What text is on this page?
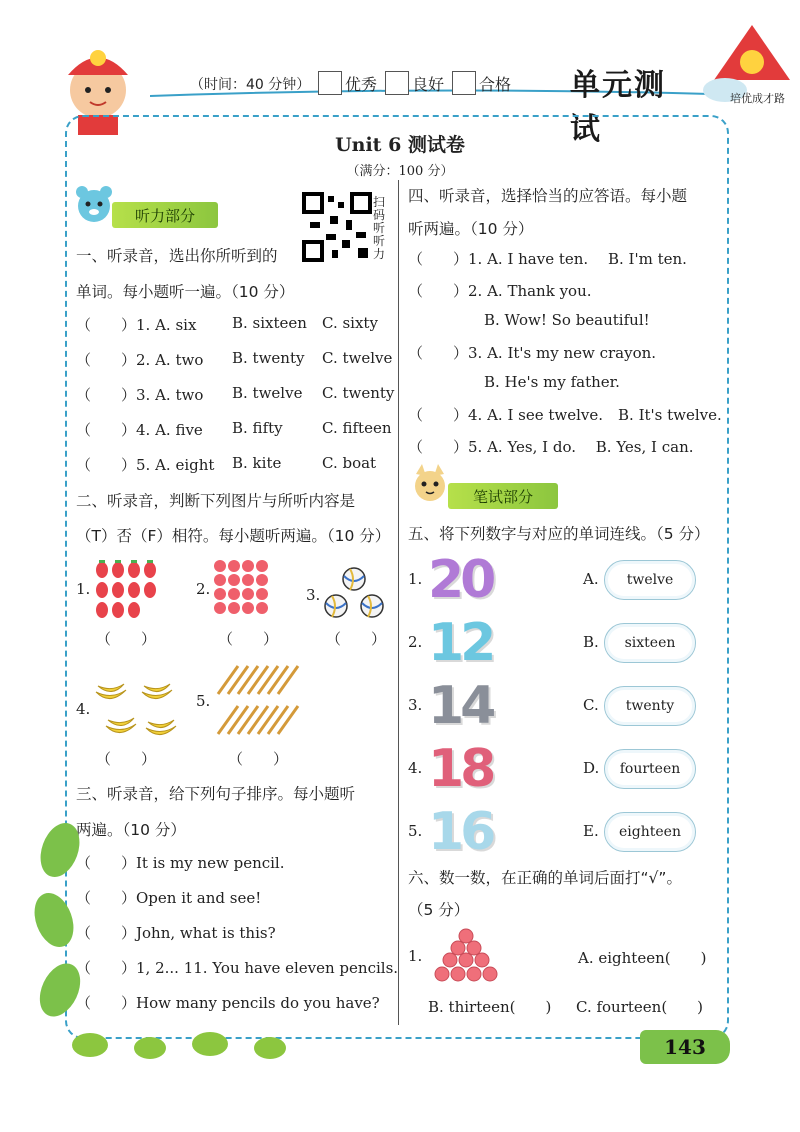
（时间：40 分钟） 优秀 良好 合格 单元测试
培优成才路
Unit 6 测试卷
（满分：100 分）
听力部分
扫码听听力
一、听录音，选出你所听到的
单词。每小题听一遍。（10 分）
（　　）1. A. six B. sixteen C. sixty
（　　）2. A. two B. twenty C. twelve
（　　）3. A. two B. twelve C. twenty
（　　）4. A. five B. fifty	C. fifteen
（　　）5. A. eight B. kite	C. boat
二、听录音，判断下列图片与所听内容是
（T）否（F）相符。每小题听两遍。（10 分）
1.
（　　）
2.
（　　）
3.
（　　）
4.
（　　）
5.
（　　）
三、听录音，给下列句子排序。每小题听
两遍。（10 分）
（　　）It is my new pencil.
（　　）Open it and see!
（　　）John, what is this?
（　　）1, 2... 11. You have eleven pencils.
（　　）How many pencils do you have?
四、听录音，选择恰当的应答语。每小题
听两遍。（10 分）
（　　）1. A. I have ten.　 B. I'm ten.
（　　）2. A. Thank you.
B. Wow! So beautiful!
（　　）3. A. It's my new crayon.
B. He's my father.
（　　）4. A. I see twelve.　B. It's twelve.
（　　）5. A. Yes, I do.　 B. Yes, I can.
笔试部分
五、将下列数字与对应的单词连线。（5 分）
1. 20
2. 12
3. 14
4. 18
5. 16
A.	twelve
B.	sixteen
C.	twenty
D.	fourteen
E.	eighteen
六、数一数，在正确的单词后面打“√”。
（5 分）
1.	A. eighteen(　　)
B. thirteen(　　) C. fourteen(　　)
143
